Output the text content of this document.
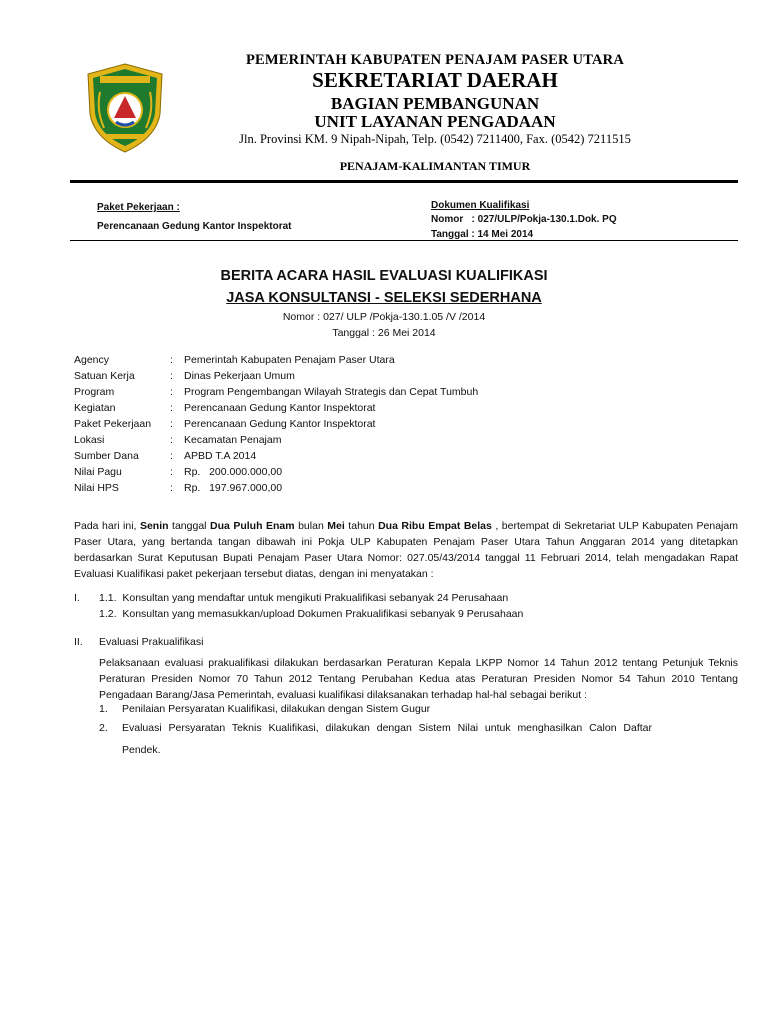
PEMERINTAH KABUPATEN PENAJAM PASER UTARA
SEKRETARIAT DAERAH
BAGIAN PEMBANGUNAN
UNIT LAYANAN PENGADAAN
Jln. Provinsi KM. 9 Nipah-Nipah, Telp. (0542) 7211400, Fax. (0542) 7211515
PENAJAM-KALIMANTAN TIMUR
Paket Pekerjaan :
Perencanaan Gedung Kantor Inspektorat
Dokumen Kualifikasi
Nomor   : 027/ULP/Pokja-130.1.Dok. PQ
Tanggal : 14 Mei 2014
BERITA ACARA HASIL EVALUASI KUALIFIKASI
JASA KONSULTANSI - SELEKSI SEDERHANA
Nomor : 027/ ULP /Pokja-130.1.05 /V /2014
Tanggal : 26 Mei 2014
Agency	: Pemerintah Kabupaten Penajam Paser Utara
Satuan Kerja	: Dinas Pekerjaan Umum
Program	: Program Pengembangan Wilayah Strategis dan Cepat Tumbuh
Kegiatan	: Perencanaan Gedung Kantor Inspektorat
Paket Pekerjaan : Perencanaan Gedung Kantor Inspektorat
Lokasi	: Kecamatan Penajam
Sumber Dana	: APBD T.A 2014
Nilai Pagu	: Rp.   200.000.000,00
Nilai HPS	: Rp.   197.967.000,00
Pada hari ini, Senin tanggal Dua Puluh Enam bulan Mei tahun Dua Ribu Empat Belas , bertempat di Sekretariat ULP Kabupaten Penajam
Paser Utara, yang bertanda tangan dibawah ini Pokja ULP Kabupaten Penajam Paser Utara Tahun Anggaran 2014 yang ditetapkan
berdasarkan Surat Keputusan Bupati Penajam Paser Utara Nomor: 027.05/43/2014 tanggal 11 Februari 2014, telah mengadakan Rapat
Evaluasi Kualifikasi paket pekerjaan tersebut diatas, dengan ini menyatakan :
I. 1.1.  Konsultan yang mendaftar untuk mengikuti Prakualifikasi sebanyak 24 Perusahaan
1.2.  Konsultan yang memasukkan/upload Dokumen Prakualifikasi sebanyak 9 Perusahaan
II. Evaluasi Prakualifikasi
Pelaksanaan evaluasi prakualifikasi dilakukan berdasarkan Peraturan Kepala LKPP Nomor 14 Tahun 2012 tentang Petunjuk Teknis
Peraturan Presiden Nomor 70 Tahun 2012 Tentang Perubahan Kedua atas Peraturan Presiden Nomor 54 Tahun 2010 Tentang
Pengadaan Barang/Jasa Pemerintah, evaluasi kualifikasi dilaksanakan terhadap hal-hal sebagai berikut :
1. Penilaian Persyaratan Kualifikasi, dilakukan dengan Sistem Gugur
2. Evaluasi Persyaratan Teknis Kualifikasi, dilakukan dengan Sistem Nilai untuk menghasilkan Calon Daftar
Pendek.
